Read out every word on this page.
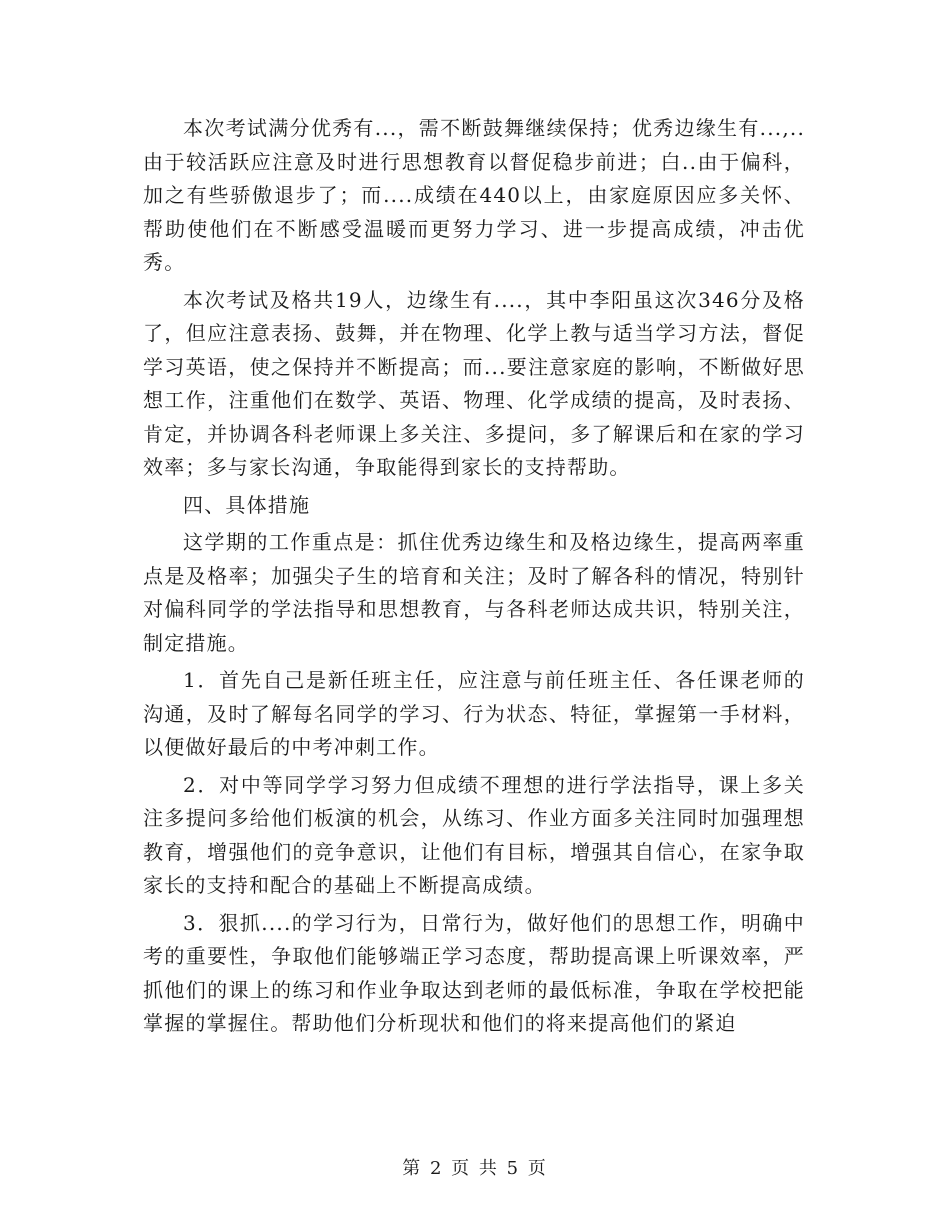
本次考试满分优秀有...，需不断鼓舞继续保持；优秀边缘生有...,..由于较活跃应注意及时进行思想教育以督促稳步前进；白..由于偏科，加之有些骄傲退步了；而....成绩在440以上，由家庭原因应多关怀、帮助使他们在不断感受温暖而更努力学习、进一步提高成绩，冲击优秀。

本次考试及格共19人，边缘生有....，其中李阳虽这次346分及格了，但应注意表扬、鼓舞，并在物理、化学上教与适当学习方法，督促学习英语，使之保持并不断提高；而...要注意家庭的影响，不断做好思想工作，注重他们在数学、英语、物理、化学成绩的提高，及时表扬、肯定，并协调各科老师课上多关注、多提问，多了解课后和在家的学习效率；多与家长沟通，争取能得到家长的支持帮助。

四、具体措施

这学期的工作重点是：抓住优秀边缘生和及格边缘生，提高两率重点是及格率；加强尖子生的培育和关注；及时了解各科的情况，特别针对偏科同学的学法指导和思想教育，与各科老师达成共识，特别关注，制定措施。

1．首先自己是新任班主任，应注意与前任班主任、各任课老师的沟通，及时了解每名同学的学习、行为状态、特征，掌握第一手材料，以便做好最后的中考冲刺工作。

2．对中等同学学习努力但成绩不理想的进行学法指导，课上多关注多提问多给他们板演的机会，从练习、作业方面多关注同时加强理想教育，增强他们的竞争意识，让他们有目标，增强其自信心，在家争取家长的支持和配合的基础上不断提高成绩。

3．狠抓....的学习行为，日常行为，做好他们的思想工作，明确中考的重要性，争取他们能够端正学习态度，帮助提高课上听课效率，严抓他们的课上的练习和作业争取达到老师的最低标准，争取在学校把能掌握的掌握住。帮助他们分析现状和他们的将来提高他们的紧迫

第 2 页 共 5 页
